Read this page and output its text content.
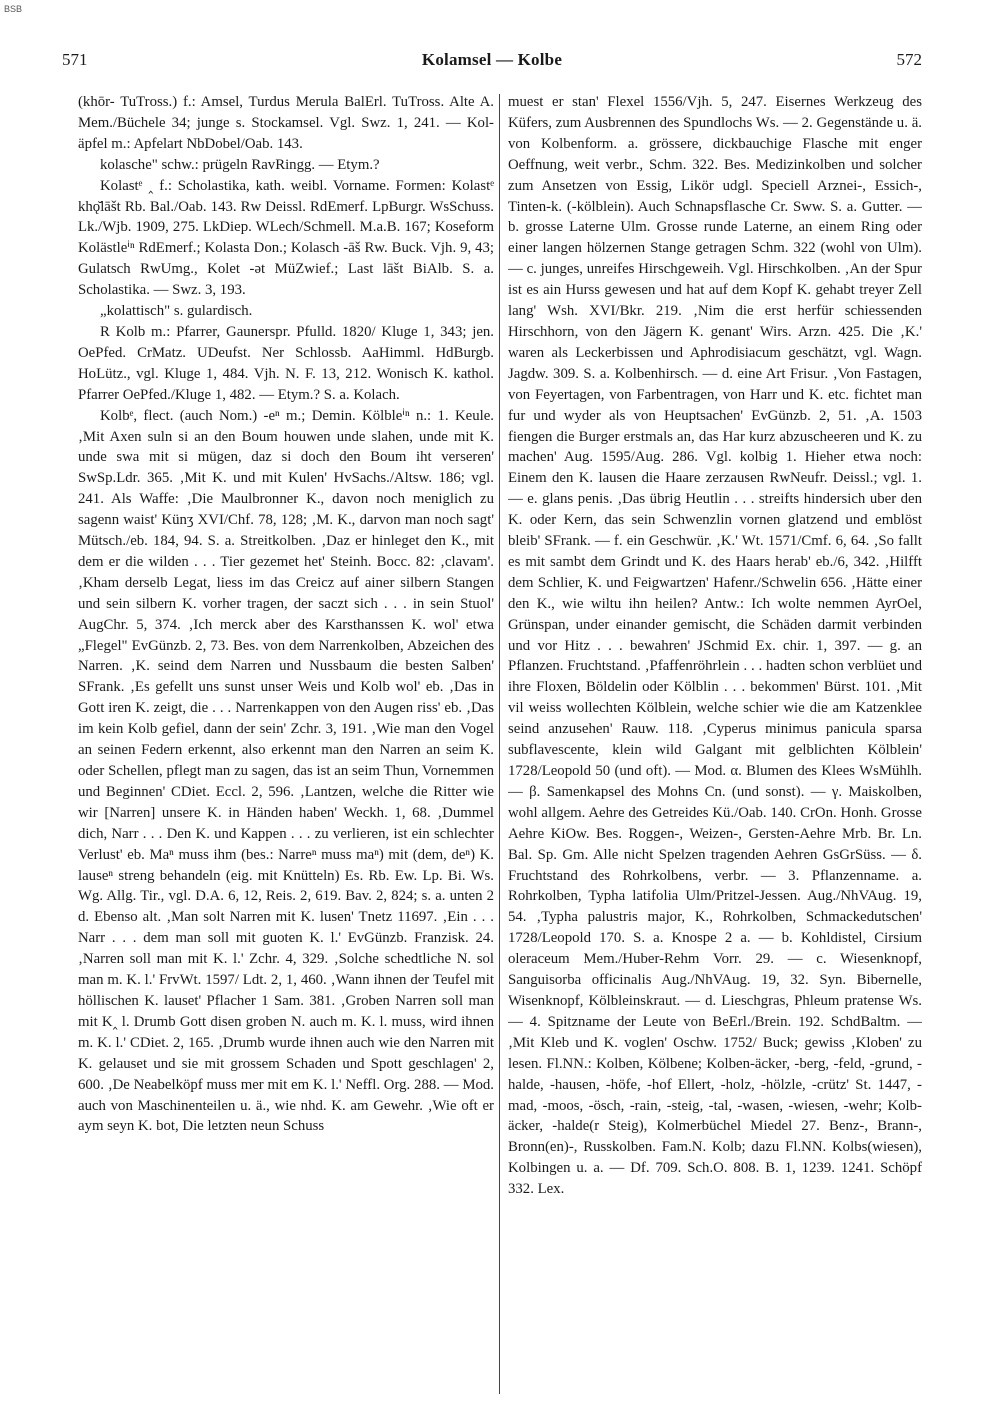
BSB
571	Kolamsel — Kolbe	572

(khōr- TuTross.) f.: Amsel, Turdus Merula BalErl. TuTross. Alte A. Mem./Büchele 34; junge s. Stockamsel. Vgl. Swz. 1, 241. — Kol-äpfel m.: Apfelart NbDobel/Oab. 143.

kolasche" schw.: prügeln RavRingg. — Etym.?

Kolastᵉ ‸ f.: Scholastika, kath. weibl. Vorname. Formen: Kolastᵉ khǫ̆lāšt Rb. Bal./Oab. 143. Rw Deissl. RdEmerf. LpBurgr. WsSchuss. Lk./Wjb. 1909, 275. LkDiep. WLech/Schmell. M.a.B. 167; Koseform Kolästleⁱⁿ RdEmerf.; Kolasta Don.; Kolasch -āš Rw. Buck. Vjh. 9, 43; Gulatsch RwUmg., Kolet -ǝt MüZwief.; Last lāšt BiAlb. S. a. Scholastika. — Swz. 3, 193.

„kolattisch" s. gulardisch.

R Kolb m.: Pfarrer, Gaunerspr. Pfulld. 1820/ Kluge 1, 343; jen. OePfed. CrMatz. UDeufst. Ner Schlossb. AaHimml. HdBurgb. HoLütz., vgl. Kluge 1, 484. Vjh. N. F. 13, 212. Wonisch K. kathol. Pfarrer OePfed./Kluge 1, 482. — Etym.? S. a. Kolach.

Kolbᵉ, flect. (auch Nom.) -eⁿ m.; Demin. Kölbleⁱⁿ n.: 1. Keule. ‚Mit Axen suln si an den Boum houwen unde slahen, unde mit K. unde swa mit si mügen, daz si doch den Boum iht verseren' SwSp.Ldr. 365. ‚Mit K. und mit Kulen' HvSachs./Altsw. 186; vgl. 241. Als Waffe: ‚Die Maulbronner K., davon noch meniglich zu sagenn waist' Künʒ XVI/Chf. 78, 128; ‚M. K., darvon man noch sagt' Mütsch./eb. 184, 94. S. a. Streitkolben. ‚Daz er hinleget den K., mit dem er die wilden . . . Tier gezemet het' Steinh. Bocc. 82: ‚clavam'. ‚Kham derselb Legat, liess im das Creicz auf ainer silbern Stangen und sein silbern K. vorher tragen, der saczt sich . . . in sein Stuol' AugChr. 5, 374. ‚Ich merck aber des Karsthanssen K. wol' etwa „Flegel" EvGünzb. 2, 73. Bes. von dem Narrenkolben, Abzeichen des Narren. ‚K. seind dem Narren und Nussbaum die besten Salben' SFrank. ‚Es gefellt uns sunst unser Weis und Kolb wol' eb. ‚Das in Gott iren K. zeigt, die . . . Narrenkappen von den Augen riss' eb. ‚Das im kein Kolb gefiel, dann der sein' Zchr. 3, 191. ‚Wie man den Vogel an seinen Federn erkennt, also erkennt man den Narren an seim K. oder Schellen, pflegt man zu sagen, das ist an seim Thun, Vornemmen und Beginnen' CDiet. Eccl. 2, 596. ‚Lantzen, welche die Ritter wie wir [Narren] unsere K. in Händen haben' Weckh. 1, 68. ‚Dummel dich, Narr . . . Den K. und Kappen . . . zu verlieren, ist ein schlechter Verlust' eb. Maⁿ muss ihm (bes.: Narreⁿ muss maⁿ) mit (dem, deⁿ) K. lauseⁿ streng behandeln (eig. mit Knütteln) Es. Rb. Ew. Lp. Bi. Ws. Wg. Allg. Tir., vgl. D.A. 6, 12, Reis. 2, 619. Bav. 2, 824; s. a. unten 2 d. Ebenso alt. ‚Man solt Narren mit K. lusen' Tnetz 11697. ‚Ein . . . Narr . . . dem man soll mit guoten K. l.' EvGünzb. Franzisk. 24. ‚Narren soll man mit K. l.' Zchr. 4, 329. ‚Solche schedtliche N. sol man m. K. l.' FrvWt. 1597/ Ldt. 2, 1, 460. ‚Wann ihnen der Teufel mit höllischen K. lauset' Pflacher 1 Sam. 381. ‚Groben Narren soll man mit K‸ l. Drumb Gott disen groben N. auch m. K. l. muss, wird ihnen m. K. l.' CDiet. 2, 165. ‚Drumb wurde ihnen auch wie den Narren mit K. gelauset und sie mit grossem Schaden und Spott geschlagen' 2, 600. ‚De Neabelköpf muss mer mit em K. l.' Neffl. Org. 288. — Mod. auch von Maschinenteilen u. ä., wie nhd. K. am Gewehr. ‚Wie oft er aym seyn K. bot, Die letzten neun Schuss

muest er stan' Flexel 1556/Vjh. 5, 247. Eisernes Werkzeug des Küfers, zum Ausbrennen des Spundlochs Ws. — 2. Gegenstände u. ä. von Kolbenform. a. grössere, dickbauchige Flasche mit enger Oeffnung, weit verbr., Schm. 322. Bes. Medizinkolben und solcher zum Ansetzen von Essig, Likör udgl. Speciell Arznei-, Essich-, Tinten-k. (-kölblein). Auch Schnapsflasche Cr. Sww. S. a. Gutter. — b. grosse Laterne Ulm. Grosse runde Laterne, an einem Ring oder einer langen hölzernen Stange getragen Schm. 322 (wohl von Ulm). — c. junges, unreifes Hirschgeweih. Vgl. Hirschkolben. ‚An der Spur ist es ain Hurss gewesen und hat auf dem Kopf K. gehabt treyer Zell lang' Wsh. XVI/Bkr. 219. ‚Nim die erst herfür schiessenden Hirschhorn, von den Jägern K. genant' Wirs. Arzn. 425. Die ‚K.' waren als Leckerbissen und Aphrodisiacum geschätzt, vgl. Wagn. Jagdw. 309. S. a. Kolbenhirsch. — d. eine Art Frisur. ‚Von Fastagen, von Feyertagen, von Farbentragen, von Harr und K. etc. fichtet man fur und wyder als von Heuptsachen' EvGünzb. 2, 51. ‚A. 1503 fiengen die Burger erstmals an, das Har kurz abzuscheeren und K. zu machen' Aug. 1595/Aug. 286. Vgl. kolbig 1. Hieher etwa noch: Einem den K. lausen die Haare zerzausen RwNeufr. Deissl.; vgl. 1. — e. glans penis. ‚Das übrig Heutlin . . . streifts hindersich uber den K. oder Kern, das sein Schwenzlin vornen glatzend und emblöst bleib' SFrank. — f. ein Geschwür. ‚K.' Wt. 1571/Cmf. 6, 64. ‚So fallt es mit sambt dem Grindt und K. des Haars herab' eb./6, 342. ‚Hilfft dem Schlier, K. und Feigwartzen' Hafenr./Schwelin 656. ‚Hätte einer den K., wie wiltu ihn heilen? Antw.: Ich wolte nemmen AyrOel, Grünspan, under einander gemischt, die Schäden darmit verbinden und vor Hitz . . . bewahren' JSchmid Ex. chir. 1, 397. — g. an Pflanzen. Fruchtstand. ‚Pfaffenröhrlein . . . hadten schon verblüet und ihre Floxen, Böldelin oder Kölblin . . . bekommen' Bürst. 101. ‚Mit vil weiss wollechten Kölblein, welche schier wie die am Katzenklee seind anzusehen' Rauw. 118. ‚Cyperus minimus panicula sparsa subflavescente, klein wild Galgant mit gelblichten Kölblein' 1728/Leopold 50 (und oft). — Mod. α. Blumen des Klees WsMühlh. — β. Samenkapsel des Mohns Cn. (und sonst). — γ. Maiskolben, wohl allgem. Aehre des Getreides Kü./Oab. 140. CrOn. Honh. Grosse Aehre KiOw. Bes. Roggen-, Weizen-, Gersten-Aehre Mrb. Br. Ln. Bal. Sp. Gm. Alle nicht Spelzen tragenden Aehren GsGrSüss. — δ. Fruchtstand des Rohrkolbens, verbr. — 3. Pflanzenname. a. Rohrkolben, Typha latifolia Ulm/Pritzel-Jessen. Aug./NhVAug. 19, 54. ‚Typha palustris major, K., Rohrkolben, Schmackedutschen' 1728/Leopold 170. S. a. Knospe 2 a. — b. Kohldistel, Cirsium oleraceum Mem./Huber-Rehm Vorr. 29. — c. Wiesenknopf, Sanguisorba officinalis Aug./NhVAug. 19, 32. Syn. Bibernelle, Wisenknopf, Kölbleinskraut. — d. Lieschgras, Phleum pratense Ws. — 4. Spitzname der Leute von BeErl./Brein. 192. SchdBaltm. — ‚Mit Kleb und K. voglen' Oschw. 1752/ Buck; gewiss ‚Kloben' zu lesen. Fl.NN.: Kolben, Kölbene; Kolben-äcker, -berg, -feld, -grund, -halde, -hausen, -höfe, -hof Ellert, -holz, -hölzle, -crütz' St. 1447, -mad, -moos, -ösch, -rain, -steig, -tal, -wasen, -wiesen, -wehr; Kolb-äcker, -halde(r Steig), Kolmerbüchel Miedel 27. Benz-, Brann-, Bronn(en)-, Russkolben. Fam.N. Kolb; dazu Fl.NN. Kolbs(wiesen), Kolbingen u. a. — Df. 709. Sch.O. 808. B. 1, 1239. 1241. Schöpf 332. Lex.
